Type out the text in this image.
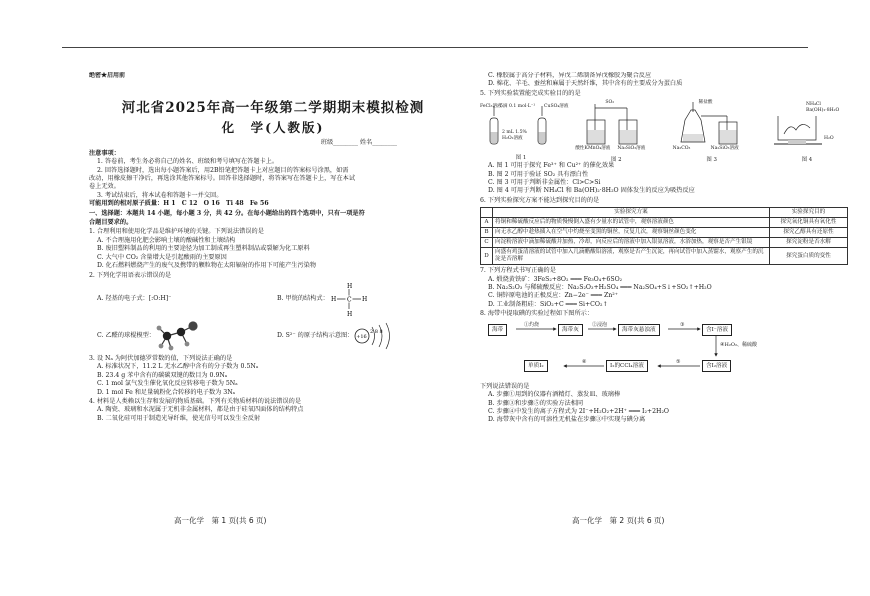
绝密★启用前
河北省2025年高一年级第二学期期末模拟检测
化　学(人教版)
班级________ 姓名________
注意事项：
1. 答卷前，考生务必将自己的姓名、班级和考号填写在答题卡上。
2. 回答选择题时，选出每小题答案后，用2B铅笔把答题卡上对应题目的答案标号涂黑，如需
改动，用橡皮擦干净后，再选涂其他答案标号。回答非选择题时，将答案写在答题卡上，写在本试
卷上无效。
3. 考试结束后，将本试卷和答题卡一并交回。
可能用到的相对原子质量：H 1　C 12　O 16　Ti 48　Fe 56
一、选择题：本题共 14 小题，每小题 3 分，共 42 分。在每小题给出的四个选项中，只有一项是符
合题目要求的。
1. 合理利用和使用化学品是维护环境的关键。下列说法错误的是
A. 不合理施用化肥会影响土壤的酸碱性和土壤结构
B. 废旧塑料制品的利用的主要途径为加工制成再生塑料制品或裂解为化工原料
C. 大气中 CO₂ 含量增大是引起酸雨的主要原因
D. 化石燃料燃烧产生的废气及携带的颗粒物在太阳辐射的作用下可能产生污染物
2. 下列化学用语表示错误的是
A. 羟基的电子式：[:O:H]⁻	B. 甲烷的结构式：
H
H
H	H
C
C. 乙醛的球棍模型：	D. S²⁻ 的原子结构示意图： +16
2 8 8
3. 设 Nₐ 为阿伏加德罗常数的值，下列说法正确的是
A. 标准状况下，11.2 L 无水乙醇中含有的分子数为 0.5Nₐ
B. 23.4 g 苯中含有的碳碳双键的数目为 0.9Nₐ
C. 1 mol 氯气发生催化氧化反应转移电子数为 5Nₐ
D. 1 mol Fe 和足量硫粉化合转移的电子数为 3Nₐ
4. 材料是人类赖以生存和发展的物质基础。下列有关物质材料的说法错误的是
A. 陶瓷、玻璃和水泥属于无机非金属材料，都是由于硅氧四面体的结构特点
B. 二氧化硅可用于制造光导纤维，使光信号可以发生全反射
C. 橡胶属于高分子材料，异戊二烯制备异戊橡胶为聚合反应
D. 棉花、羊毛、蚕丝和麻属于天然纤维，其中含有的主要成分为蛋白质
5. 下列实验装置能完成实验目的的是
FeCl₃溶液
5滴 0.1 mol·L⁻¹ CuSO₄溶液
2 mL 1.5%
H₂O₂溶液
图 1
SO₂
酸性KMnO₄溶液 Na₂SiO₃溶液
图 2
稀盐酸
Na₂CO₃	Na₂SiO₃溶液
图 3
NH₄Cl
Ba(OH)₂·8H₂O
H₂O
图 4
A. 图 1 可用于探究 Fe³⁺ 和 Cu²⁺ 的催化效果
B. 图 2 可用于验证 SO₂ 具有漂白性
C. 图 3 可用于判断非金属性：Cl>C>Si
D. 图 4 可用于判断 NH₄Cl 和 Ba(OH)₂·8H₂O 固体发生的反应为吸热反应
6. 下列实验探究方案不能达到探究目的的是
	实验探究方案	实验探究目的
A	将铜和稀硫酸反应后的物质慢慢倒入盛有少量水的试管中，观察溶液颜色	探究氧化铜具有氧化性
B	向无水乙醇中趁热插入在空气中灼烧至变黑的铜丝，反复几次，观察铜丝颜色变化	探究乙醇具有还原性
C	向淀粉溶液中滴加稀硫酸并加热，冷却，向反应后的溶液中加入银氨溶液，水浴加热，观察是否产生银镜	探究淀粉是否水解
D	向盛有鸡蛋清溶液的试管中加入几滴醋酸铅溶液，观察是否产生沉淀，再向试管中加入蒸馏水，观察产生的沉淀是否溶解	探究蛋白质的变性
7. 下列方程式书写正确的是
A. 煅烧黄铁矿：3FeS₂+8O₂ ═══ Fe₃O₄+6SO₂
B. Na₂S₂O₃ 与稀硫酸反应：Na₂S₂O₃+H₂SO₄ ═══ Na₂SO₄+S↓+SO₂↑+H₂O
C. 铜锌原电池的正极反应：Zn−2e⁻ ═══ Zn²⁺
D. 工业制备粗硅：SiO₂+C ═══ Si+CO₂↑
8. 海带中提取碘的实验过程如下图所示：
海带	海带灰	海带灰悬浊液	含I⁻溶液
含I₂溶液
I₂的CCl₄溶液
单质I₂
①灼烧	②浸泡	③
④H₂O₂、稀硫酸
⑤
⑥
下列说法错误的是
A. 步骤①用到的仪器有酒精灯、蒸发皿、玻璃棒
B. 步骤③和步骤⑤的实验方法相同
C. 步骤④中发生的离子方程式为 2I⁻+H₂O₂+2H⁺ ═══ I₂+2H₂O
D. 海带灰中含有的可溶性无机盐在步骤③中实现与碘分离
高一化学　第 1 页(共 6 页)	高一化学　第 2 页(共 6 页)
